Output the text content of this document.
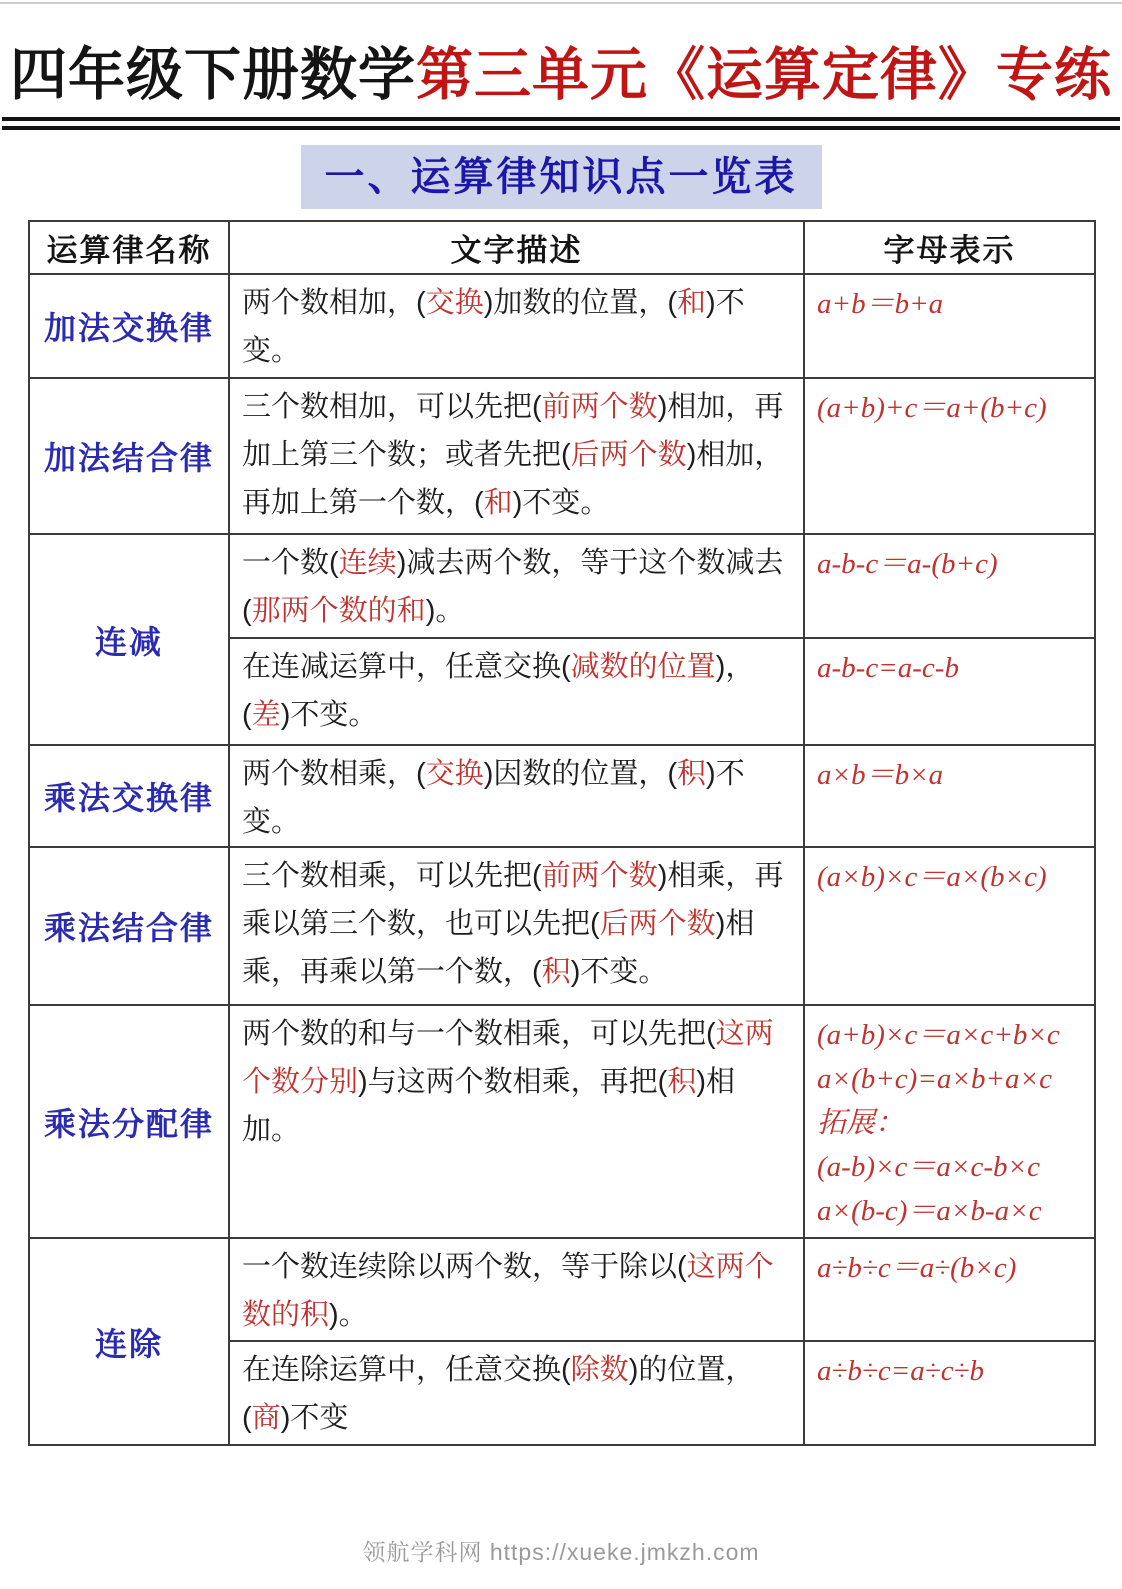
四年级下册数学第三单元《运算定律》专练
一、运算律知识点一览表
运算律名称	文字描述	字母表示
加法交换律	两个数相加，(交换)加数的位置，(和)不变。	a+b＝b+a

加法结合律	三个数相加，可以先把(前两个数)相加，再加上第三个数；或者先把(后两个数)相加，再加上第一个数，(和)不变。	(a+b)+c＝a+(b+c)

连减	一个数(连续)减去两个数，等于这个数减去(那两个数的和)。	a-b-c＝a-(b+c)

	在连减运算中，任意交换(减数的位置)，(差)不变。	a-b-c=a-c-b

乘法交换律	两个数相乘，(交换)因数的位置，(积)不变。	a×b＝b×a

乘法结合律	三个数相乘，可以先把(前两个数)相乘，再乘以第三个数，也可以先把(后两个数)相乘，再乘以第一个数，(积)不变。	(a×b)×c＝a×(b×c)

乘法分配律	两个数的和与一个数相乘，可以先把(这两个数分别)与这两个数相乘，再把(积)相加。	(a+b)×c＝a×c+b×c
a×(b+c)=a×b+a×c
拓展：
(a-b)×c＝a×c-b×c
a×(b-c)＝a×b-a×c

连除	一个数连续除以两个数，等于除以(这两个数的积)。	a÷b÷c＝a÷(b×c)

	在连除运算中，任意交换(除数)的位置，(商)不变	a÷b÷c=a÷c÷b
领航学科网 https://xueke.jmkzh.com
